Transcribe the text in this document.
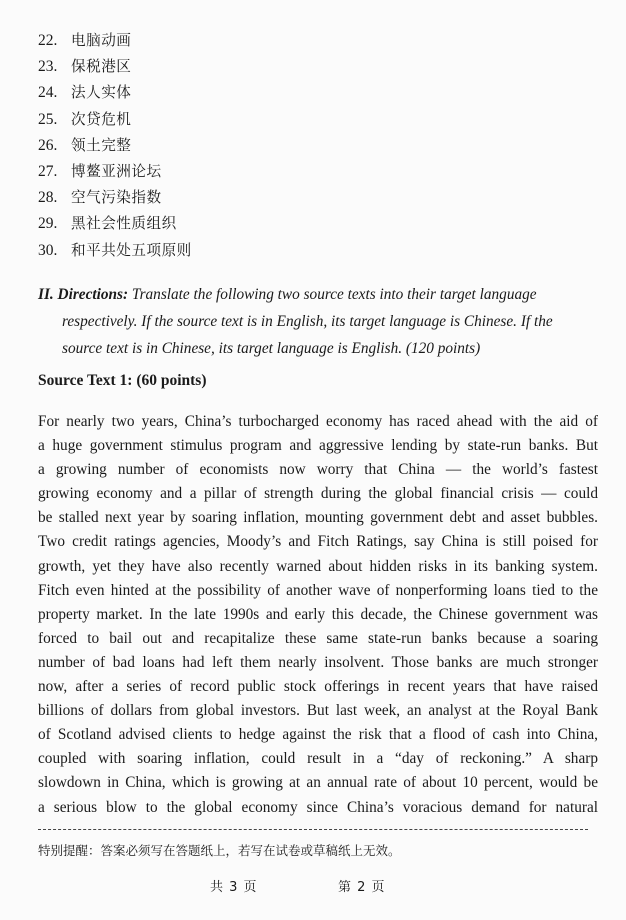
22. 电脑动画
23. 保税港区
24. 法人实体
25. 次贷危机
26. 领土完整
27. 博鳌亚洲论坛
28. 空气污染指数
29. 黑社会性质组织
30. 和平共处五项原则
II. Directions: Translate the following two source texts into their target language
respectively. If the source text is in English, its target language is Chinese. If the
source text is in Chinese, its target language is English. (120 points)
Source Text 1: (60 points)
For nearly two years, China’s turbocharged economy has raced ahead with the aid of
a huge government stimulus program and aggressive lending by state-run banks. But
a growing number of economists now worry that China — the world’s fastest
growing economy and a pillar of strength during the global financial crisis — could
be stalled next year by soaring inflation, mounting government debt and asset bubbles.
Two credit ratings agencies, Moody’s and Fitch Ratings, say China is still poised for
growth, yet they have also recently warned about hidden risks in its banking system.
Fitch even hinted at the possibility of another wave of nonperforming loans tied to the
property market. In the late 1990s and early this decade, the Chinese government was
forced to bail out and recapitalize these same state-run banks because a soaring
number of bad loans had left them nearly insolvent. Those banks are much stronger
now, after a series of record public stock offerings in recent years that have raised
billions of dollars from global investors. But last week, an analyst at the Royal Bank
of Scotland advised clients to hedge against the risk that a flood of cash into China,
coupled with soaring inflation, could result in a “day of reckoning.” A sharp
slowdown in China, which is growing at an annual rate of about 10 percent, would be
a serious blow to the global economy since China’s voracious demand for natural
特别提醒：答案必须写在答题纸上，若写在试卷或草稿纸上无效。
共 3 页	第 2 页
